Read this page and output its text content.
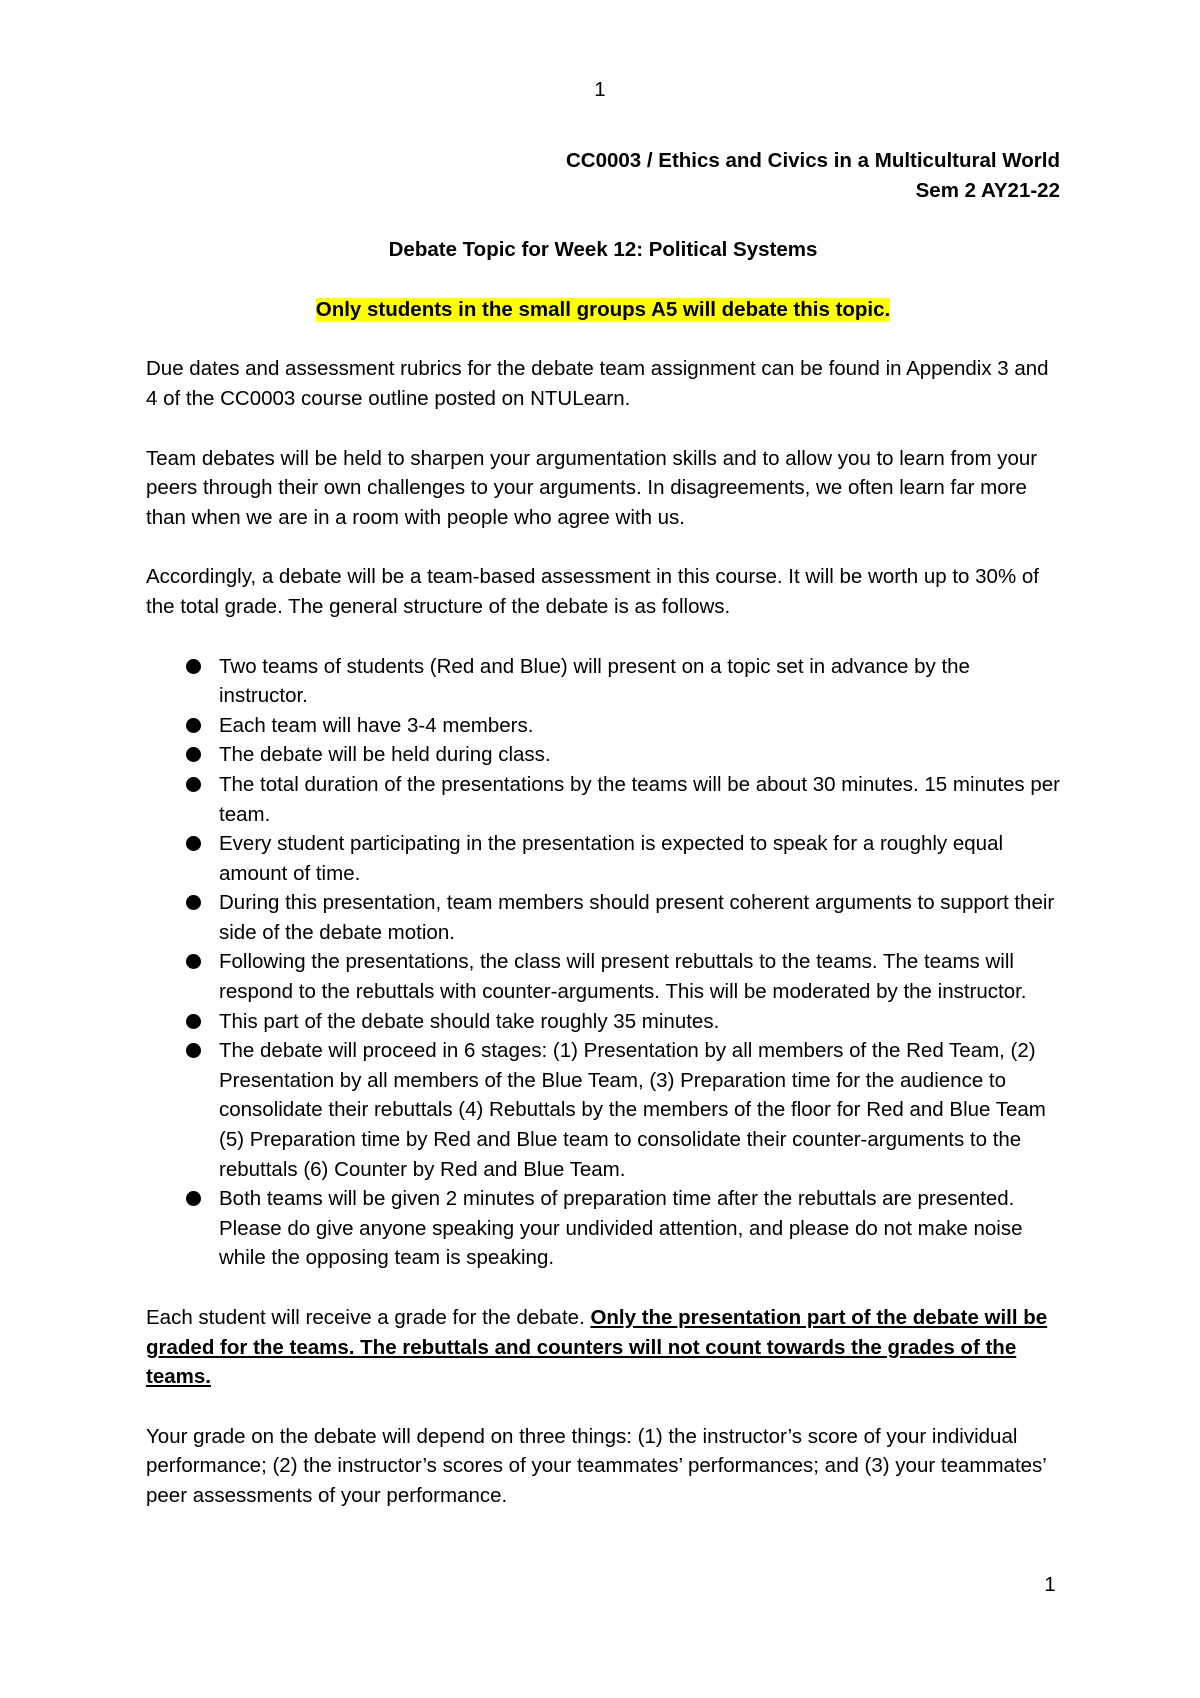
1

CC0003 / Ethics and Civics in a Multicultural World

Sem 2 AY21-22

Debate Topic for Week 12: Political Systems

Only students in the small groups A5 will debate this topic.

Due dates and assessment rubrics for the debate team assignment can be found in Appendix 3 and 4 of the CC0003 course outline posted on NTULearn.

Team debates will be held to sharpen your argumentation skills and to allow you to learn from your peers through their own challenges to your arguments. In disagreements, we often learn far more than when we are in a room with people who agree with us.

Accordingly, a debate will be a team-based assessment in this course. It will be worth up to 30% of the total grade. The general structure of the debate is as follows.

Two teams of students (Red and Blue) will present on a topic set in advance by the instructor.
Each team will have 3-4 members.
The debate will be held during class.
The total duration of the presentations by the teams will be about 30 minutes. 15 minutes per team.
Every student participating in the presentation is expected to speak for a roughly equal amount of time.
During this presentation, team members should present coherent arguments to support their side of the debate motion.
Following the presentations, the class will present rebuttals to the teams. The teams will respond to the rebuttals with counter-arguments. This will be moderated by the instructor.
This part of the debate should take roughly 35 minutes.
The debate will proceed in 6 stages: (1) Presentation by all members of the Red Team, (2) Presentation by all members of the Blue Team, (3) Preparation time for the audience to consolidate their rebuttals (4) Rebuttals by the members of the floor for Red and Blue Team (5) Preparation time by Red and Blue team to consolidate their counter-arguments to the rebuttals (6) Counter by Red and Blue Team.
Both teams will be given 2 minutes of preparation time after the rebuttals are presented. Please do give anyone speaking your undivided attention, and please do not make noise while the opposing team is speaking.

Each student will receive a grade for the debate. Only the presentation part of the debate will be graded for the teams. The rebuttals and counters will not count towards the grades of the teams.

Your grade on the debate will depend on three things: (1) the instructor’s score of your individual performance; (2) the instructor’s scores of your teammates’ performances; and (3) your teammates’ peer assessments of your performance.

1
